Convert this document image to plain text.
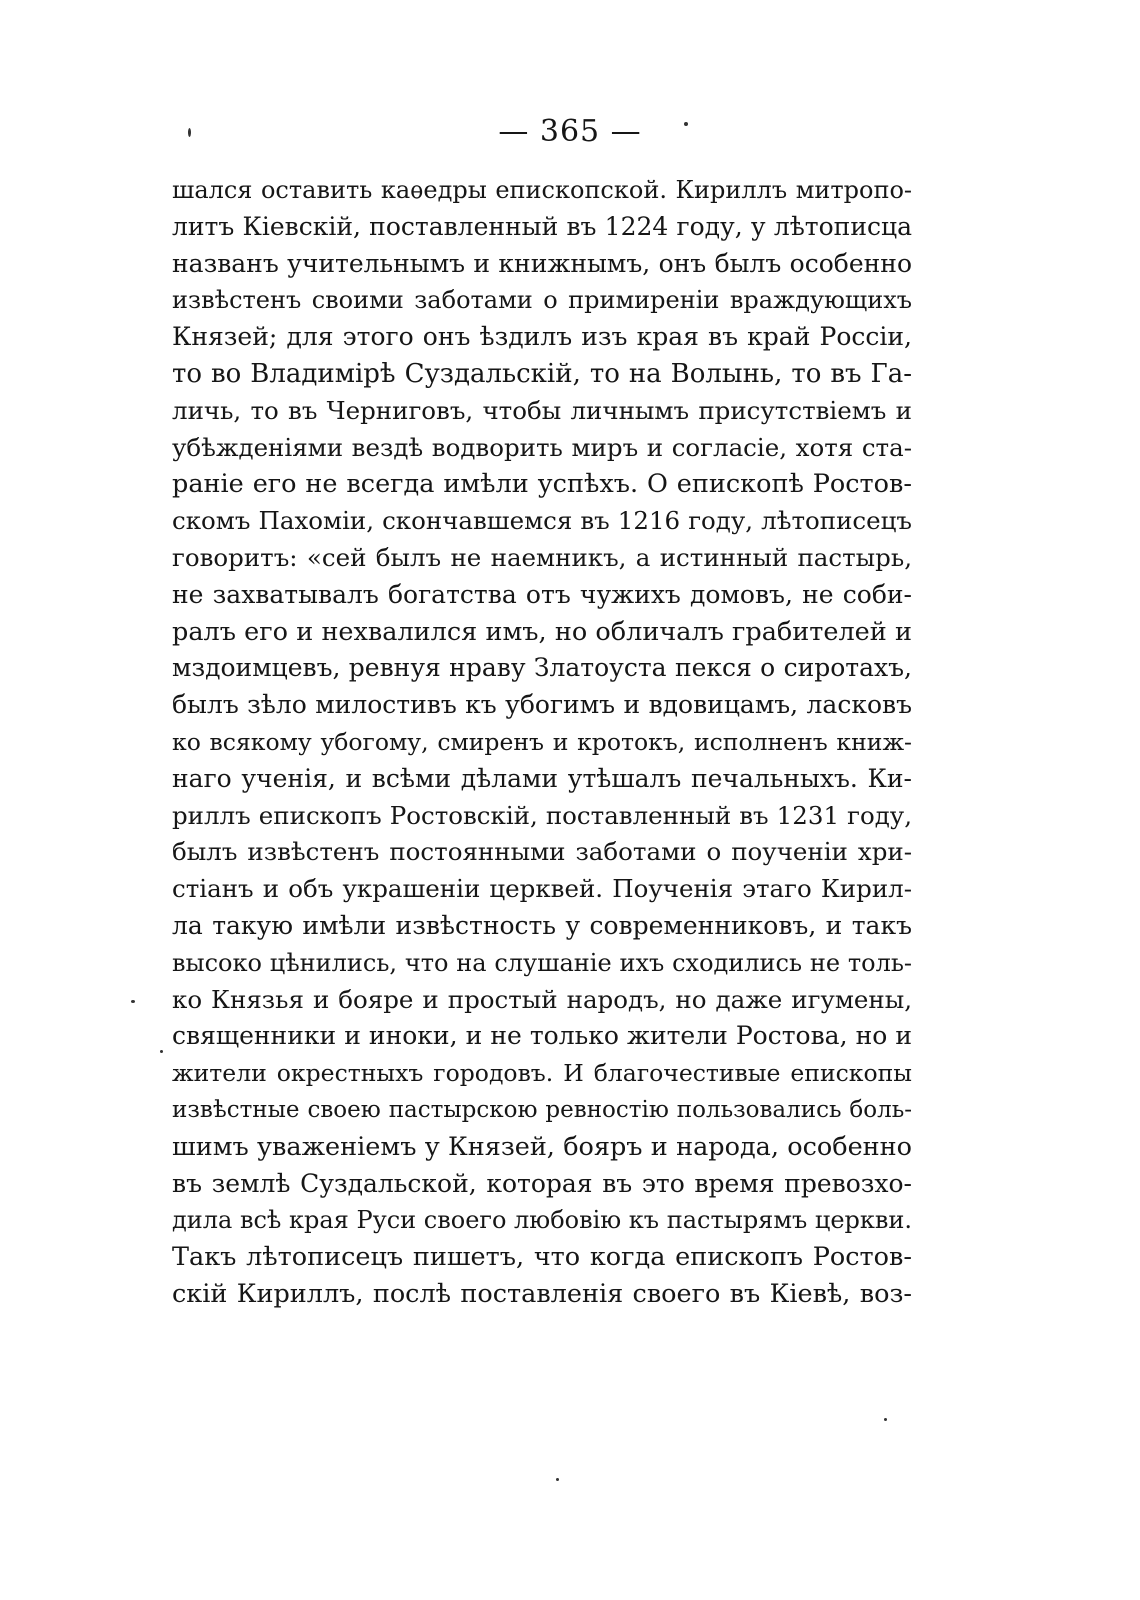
— 365 —
шался оставить каѳедры епископской. Кириллъ митропо-
литъ Кіевскій, поставленный въ 1224 году, у лѣтописца
названъ учительнымъ и книжнымъ, онъ былъ особенно
извѣстенъ своими заботами о примиреніи враждующихъ
Князей; для этого онъ ѣздилъ изъ края въ край Россіи,
то во Владимірѣ Суздальскій, то на Волынь, то въ Га-
личь, то въ Черниговъ, чтобы личнымъ присутствіемъ и
убѣжденіями вездѣ водворить миръ и согласіе, хотя ста-
раніе его не всегда имѣли успѣхъ. О епископѣ Ростов-
скомъ Пахоміи, скончавшемся въ 1216 году, лѣтописецъ
говоритъ: «сей былъ не наемникъ, а истинный пастырь,
не захватывалъ богатства отъ чужихъ домовъ, не соби-
ралъ его и нехвалился имъ, но обличалъ грабителей и
мздоимцевъ, ревнуя нраву Златоуста пекся о сиротахъ,
былъ зѣло милостивъ къ убогимъ и вдовицамъ, ласковъ
ко всякому убогому, смиренъ и кротокъ, исполненъ книж-
наго ученія, и всѣми дѣлами утѣшалъ печальныхъ. Ки-
риллъ епископъ Ростовскій, поставленный въ 1231 году,
былъ извѣстенъ постоянными заботами о поученіи хри-
стіанъ и объ украшеніи церквей. Поученія этаго Кирил-
ла такую имѣли извѣстность у современниковъ, и такъ
высоко цѣнились, что на слушаніе ихъ сходились не толь-
ко Князья и бояре и простый народъ, но даже игумены,
священники и иноки, и не только жители Ростова, но и
жители окрестныхъ городовъ. И благочестивые епископы
извѣстные своею пастырскою ревностію пользовались боль-
шимъ уваженіемъ у Князей, бояръ и народа, особенно
въ землѣ Суздальской, которая въ это время превозхо-
дила всѣ края Руси своего любовію къ пастырямъ церкви.
Такъ лѣтописецъ пишетъ, что когда епископъ Ростов-
скій Кириллъ, послѣ поставленія своего въ Кіевѣ, воз-
